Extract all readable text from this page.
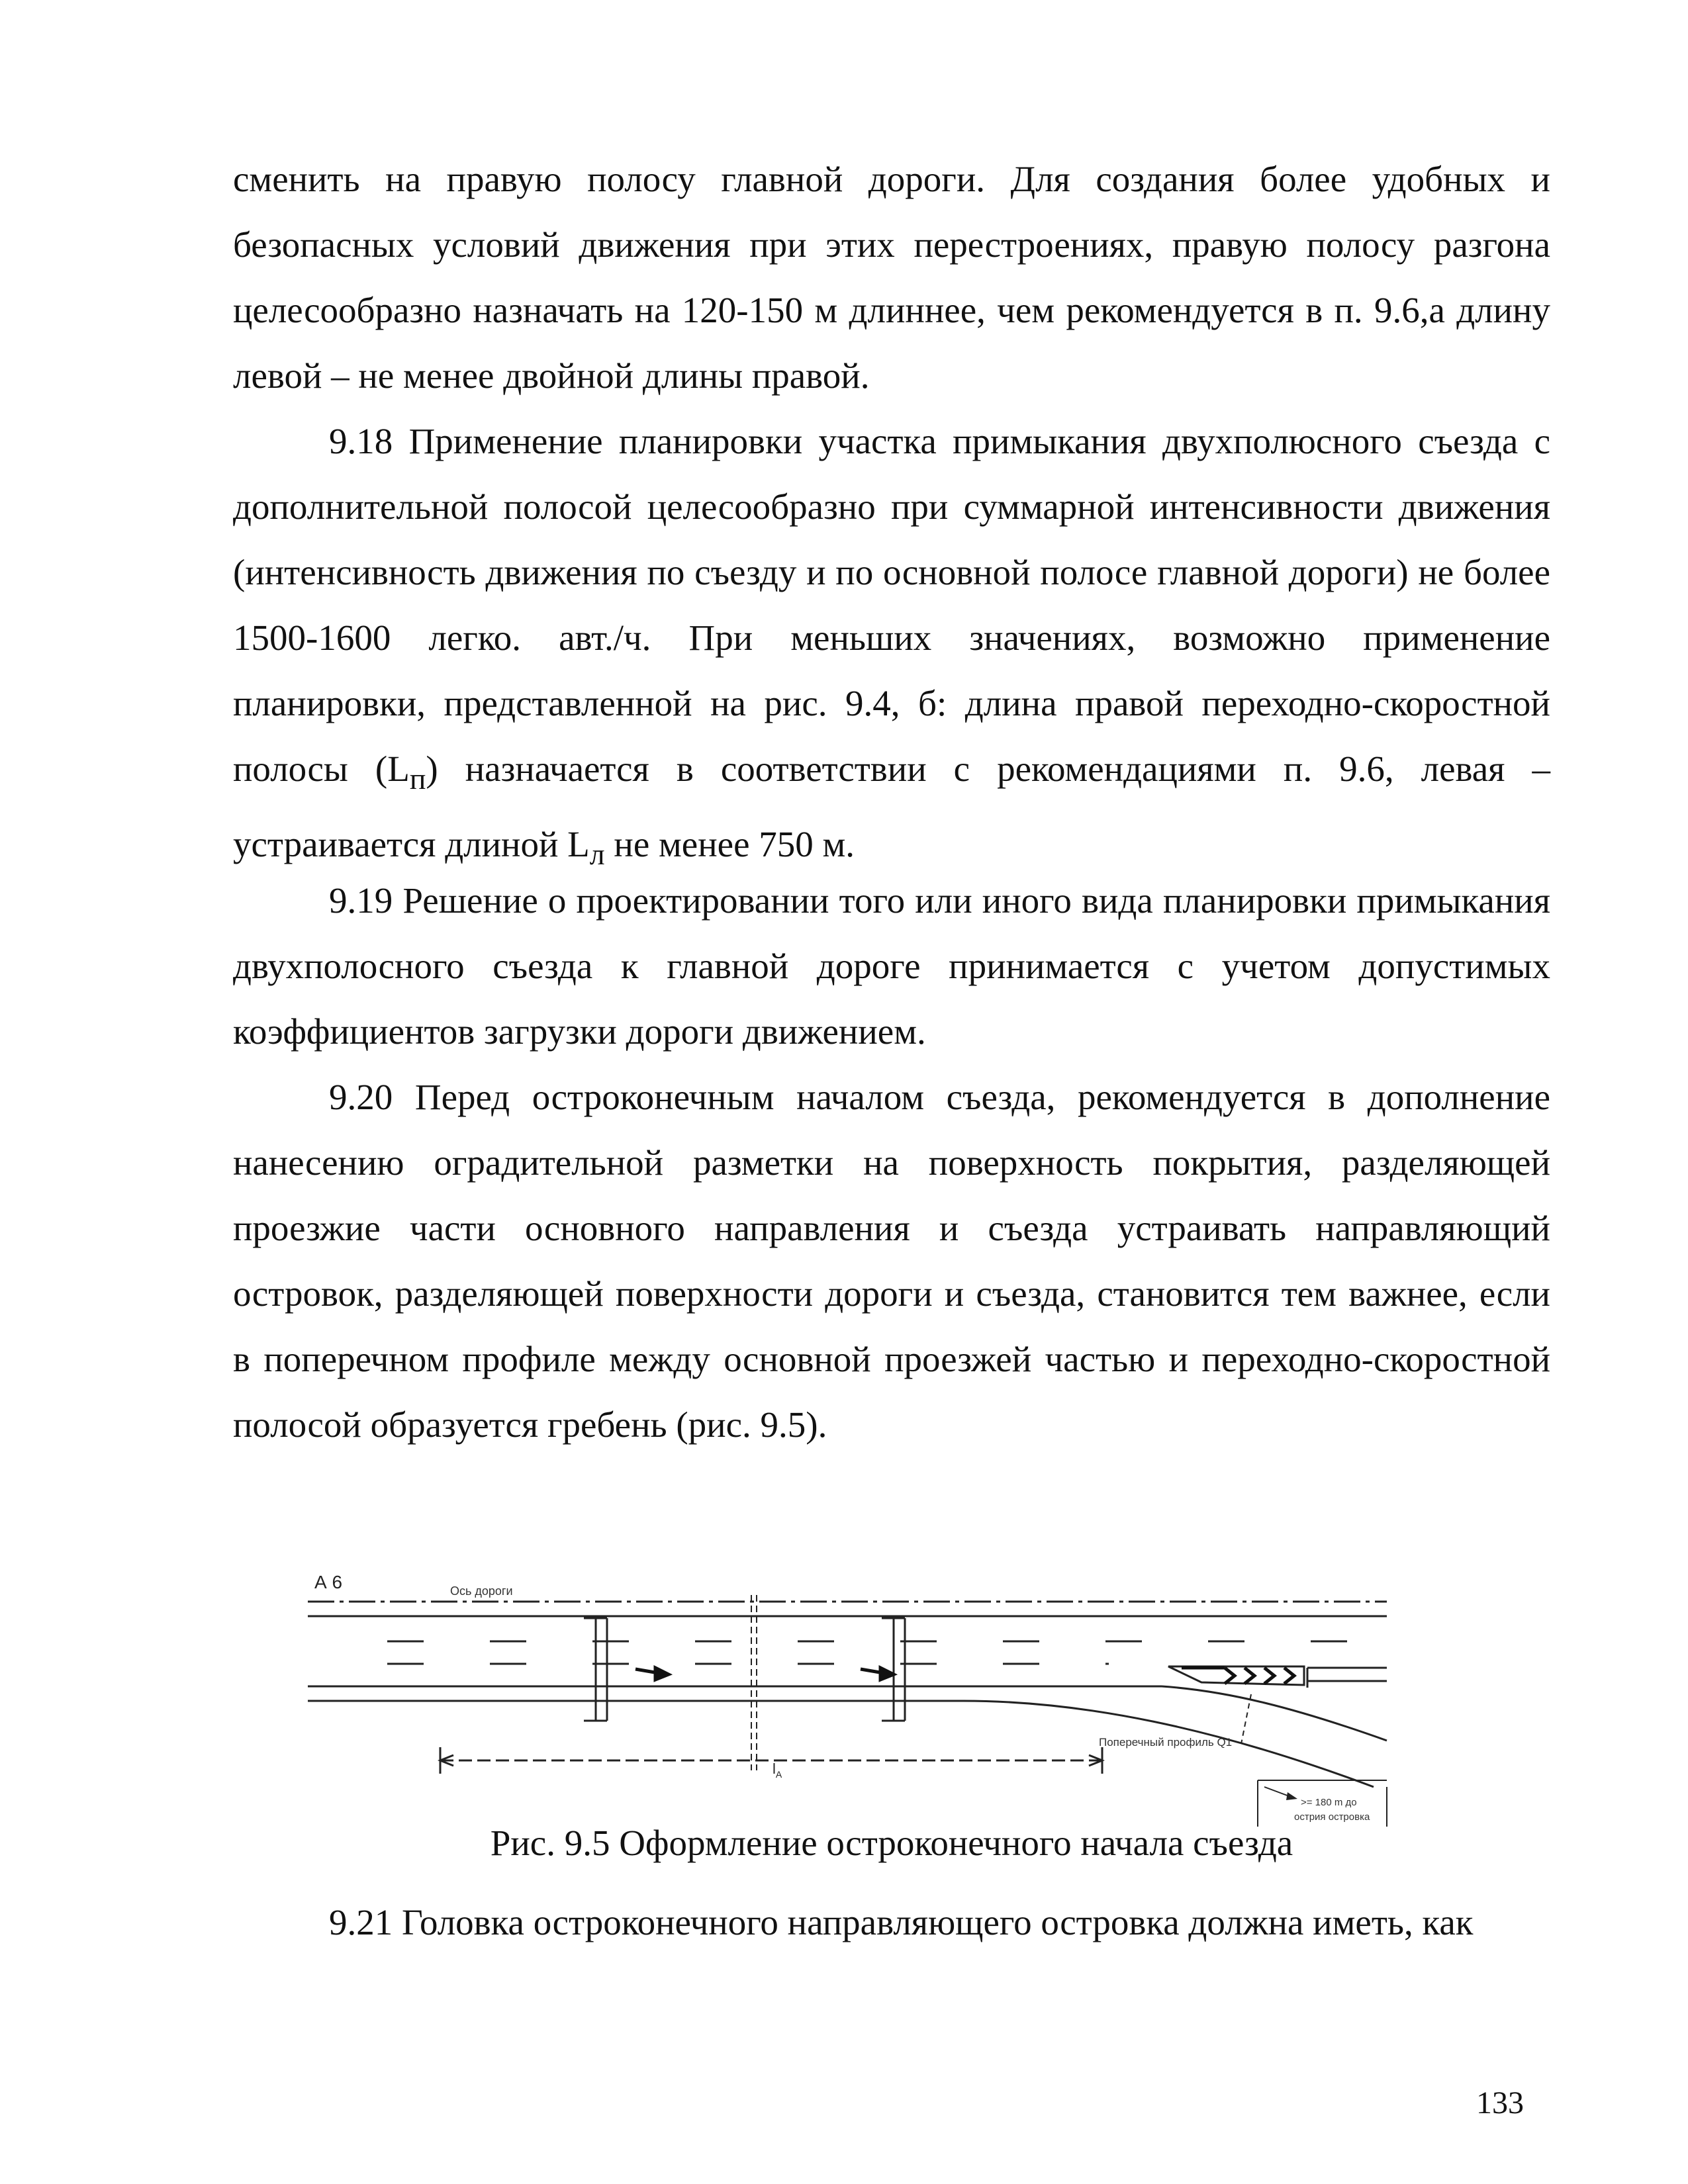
сменить на правую полосу главной дороги. Для создания более удобных и безопасных условий движения при этих перестроениях, правую полосу разгона целесообразно назначать на 120-150 м длиннее, чем рекомендуется в п. 9.6,а длину левой – не менее двойной длины правой.

9.18 Применение планировки участка примыкания двухполюсного съезда с дополнительной полосой целесообразно при суммарной интенсивности движения (интенсивность движения по съезду и по основной полосе главной дороги) не более 1500-1600 легко. авт./ч. При меньших значениях, возможно применение планировки, представленной на рис. 9.4, б: длина правой переходно-скоростной полосы $(L_п)$ назначается в соответствии с рекомендациями п. 9.6, левая – устраивается длиной $L_л$ не менее 750 м.

9.19 Решение о проектировании того или иного вида планировки примыкания двухполосного съезда к главной дороге принимается с учетом допустимых коэффициентов загрузки дороги движением.

9.20 Перед остроконечным началом съезда, рекомендуется в дополнение нанесению оградительной разметки на поверхность покрытия, разделяющей проезжие части основного направления и съезда устраивать направляющий островок, разделяющей поверхности дороги и съезда, становится тем важнее, если в поперечном профиле между основной проезжей частью и переходно-скоростной полосой образуется гребень (рис. 9.5).

А 6	Ось дороги
$l_A$
Поперечный профиль Q1
>= 180 m до
острия островка
Рис. 9.5 Оформление остроконечного начала съезда

9.21 Головка остроконечного направляющего островка должна иметь, как

133
